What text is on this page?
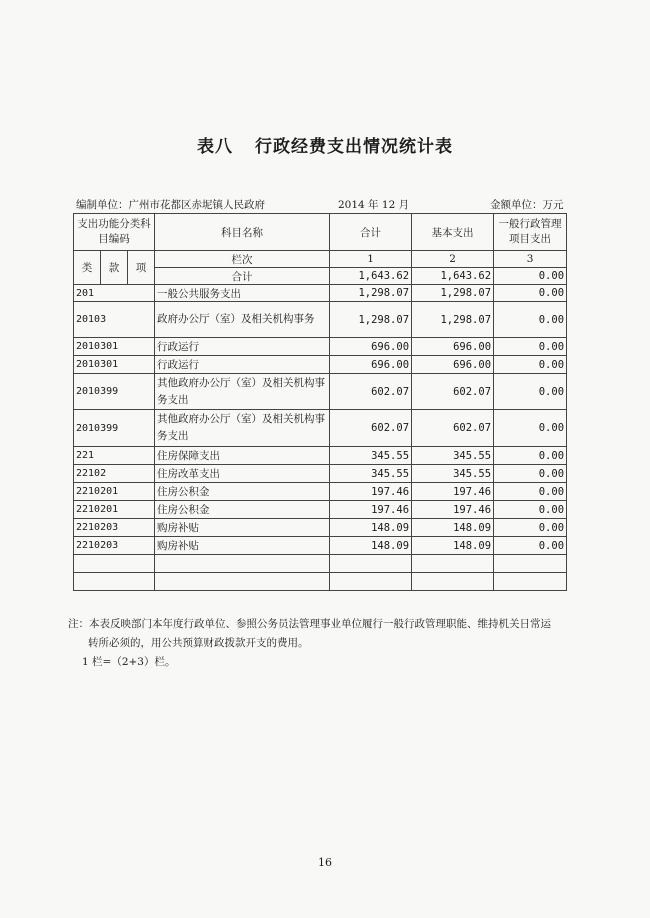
表八 行政经费支出情况统计表
编制单位：广州市花都区赤坭镇人民政府	2014 年 12 月	金额单位：万元
支出功能分类科目编码			科目名称	合计	基本支出	一般行政管理项目支出
类	款	项	栏次	1	2	3
			合计	1,643.62	1,643.62	0.00
201			一般公共服务支出	1,298.07	1,298.07	0.00
20103			政府办公厅（室）及相关机构事务	1,298.07	1,298.07	0.00
2010301			行政运行	696.00	696.00	0.00
2010301			行政运行	696.00	696.00	0.00
2010399			其他政府办公厅（室）及相关机构事务支出	602.07	602.07	0.00
2010399			其他政府办公厅（室）及相关机构事务支出	602.07	602.07	0.00
221			住房保障支出	345.55	345.55	0.00
22102			住房改革支出	345.55	345.55	0.00
2210201			住房公积金	197.46	197.46	0.00
2210201			住房公积金	197.46	197.46	0.00
2210203			购房补贴	148.09	148.09	0.00
2210203			购房补贴	148.09	148.09	0.00

注：本表反映部门本年度行政单位、参照公务员法管理事业单位履行一般行政管理职能、维持机关日常运
转所必须的，用公共预算财政拨款开支的费用。
1 栏=（2+3）栏。
16
